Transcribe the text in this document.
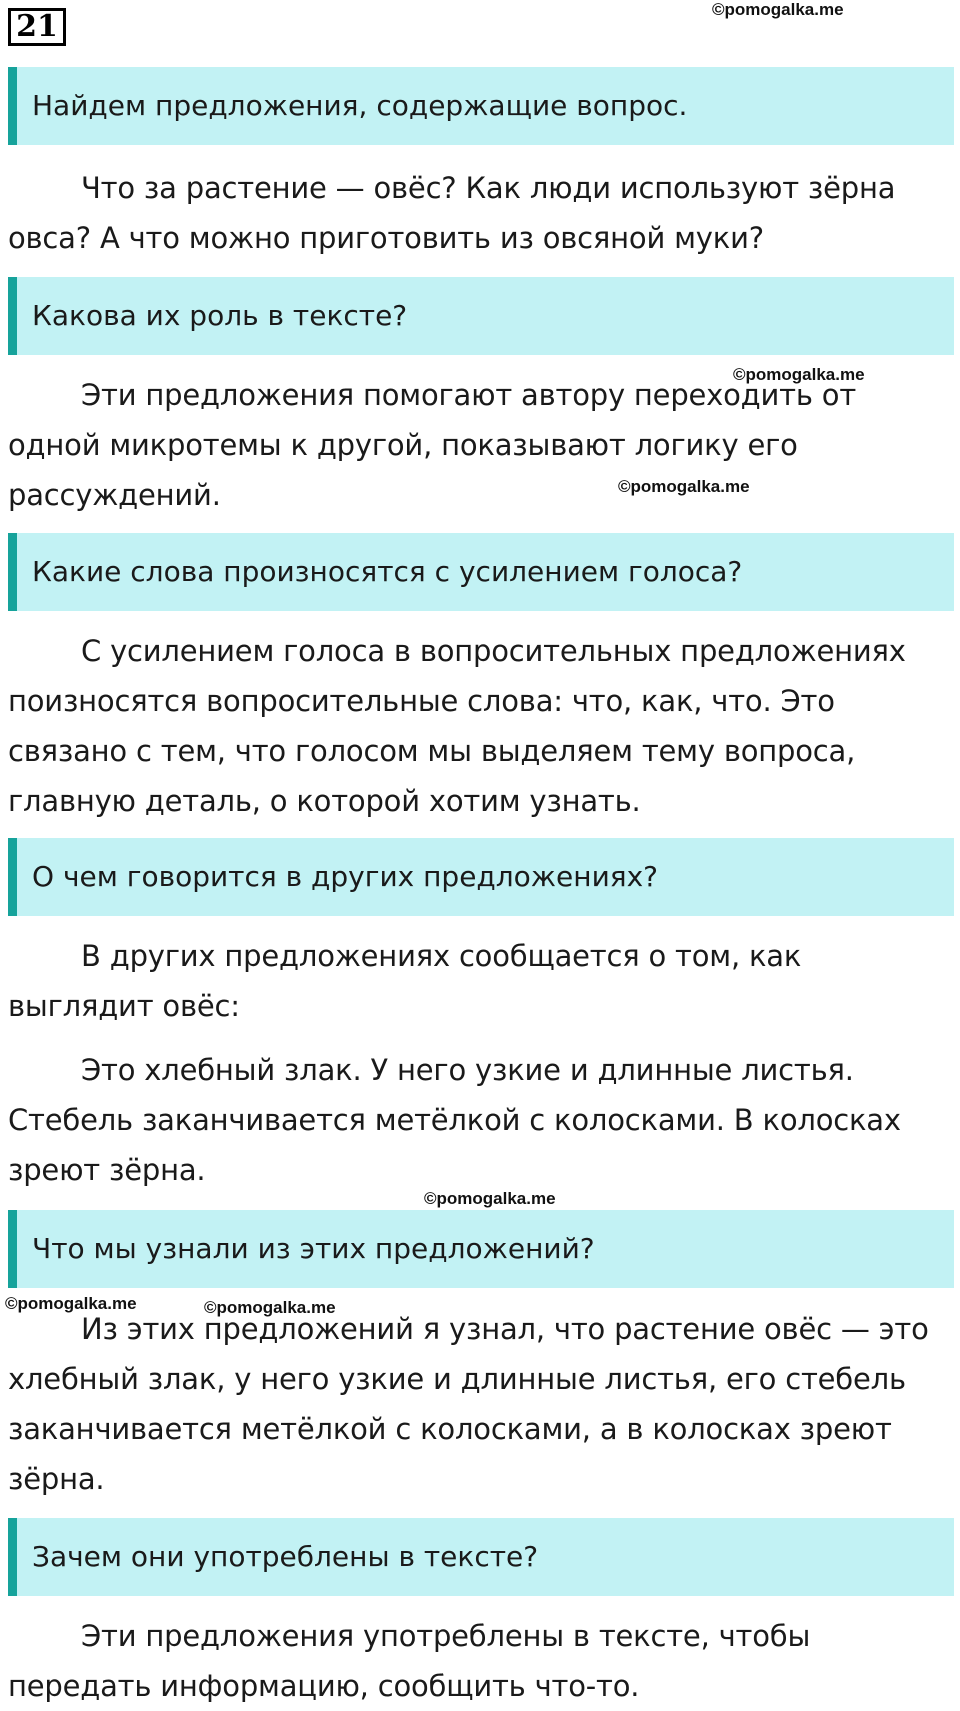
21	©pomogalka.me
Найдем предложения, содержащие вопрос.

Что за растение — овёс? Как люди используют зёрна овса? А что можно приготовить из овсяной муки?

Какова их роль в тексте?
©pomogalka.me

Эти предложения помогают автору переходить от одной микротемы к другой, показывают логику его рассуждений.	©pomogalka.me
Какие слова произносятся с усилением голоса?

С усилением голоса в вопросительных предложениях поизносятся вопросительные слова: что, как, что. Это связано с тем, что голосом мы выделяем тему вопроса, главную деталь, о которой хотим узнать.

О чем говорится в других предложениях?

В других предложениях сообщается о том, как выглядит овёс:

Это хлебный злак. У него узкие и длинные листья. Стебель заканчивается метёлкой с колосками. В колосках зреют зёрна.

©pomogalka.me
Что мы узнали из этих предложений?
©pomogalka.me	©pomogalka.me

Из этих предложений я узнал, что растение овёс — это хлебный злак, у него узкие и длинные листья, его стебель заканчивается метёлкой с колосками, а в колосках зреют зёрна.

Зачем они употреблены в тексте?

Эти предложения употреблены в тексте, чтобы передать информацию, сообщить что-то.
